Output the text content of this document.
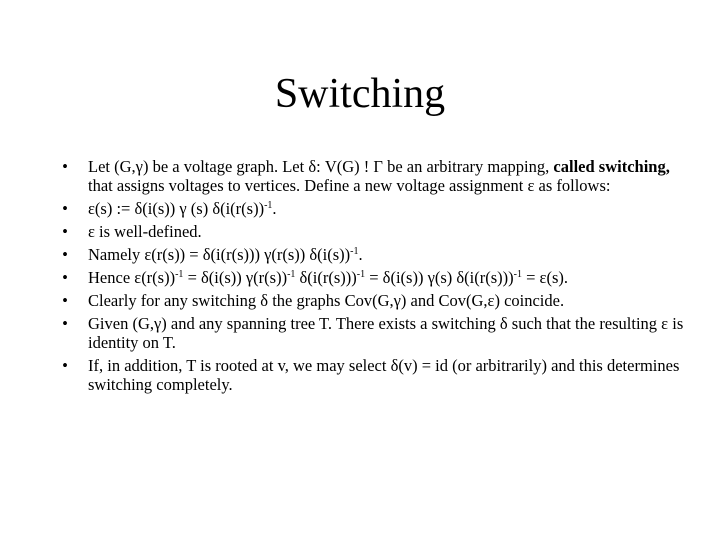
Switching
• Let (G,γ) be a voltage graph. Let δ: V(G) ! Γ be an arbitrary mapping, called switching, that assigns voltages to vertices. Define a new voltage assignment ε as follows:
• ε(s) := δ(i(s)) γ (s) $\delta(i(r(s))^{-1}$.
• ε is well-defined.
• Namely ε(r(s)) = δ(i(r(s))) γ(r(s)) $\delta(i(s))^{-1}$.
• Hence $\varepsilon(r(s))^{-1} = \delta(i(s))$ $\gamma(r(s))^{-1}$ $\delta(i(r(s)))^{-1} = \delta(i(s))$ γ(s) $\delta(i(r(s)))^{-1} = \varepsilon(s)$.
• Clearly for any switching δ the graphs Cov(G,γ) and Cov(G,ε) coincide.
• Given (G,γ) and any spanning tree T. There exists a switching δ such that the resulting ε is identity on T.
• If, in addition, T is rooted at v, we may select δ(v) = id (or arbitrarily) and this determines switching completely.
